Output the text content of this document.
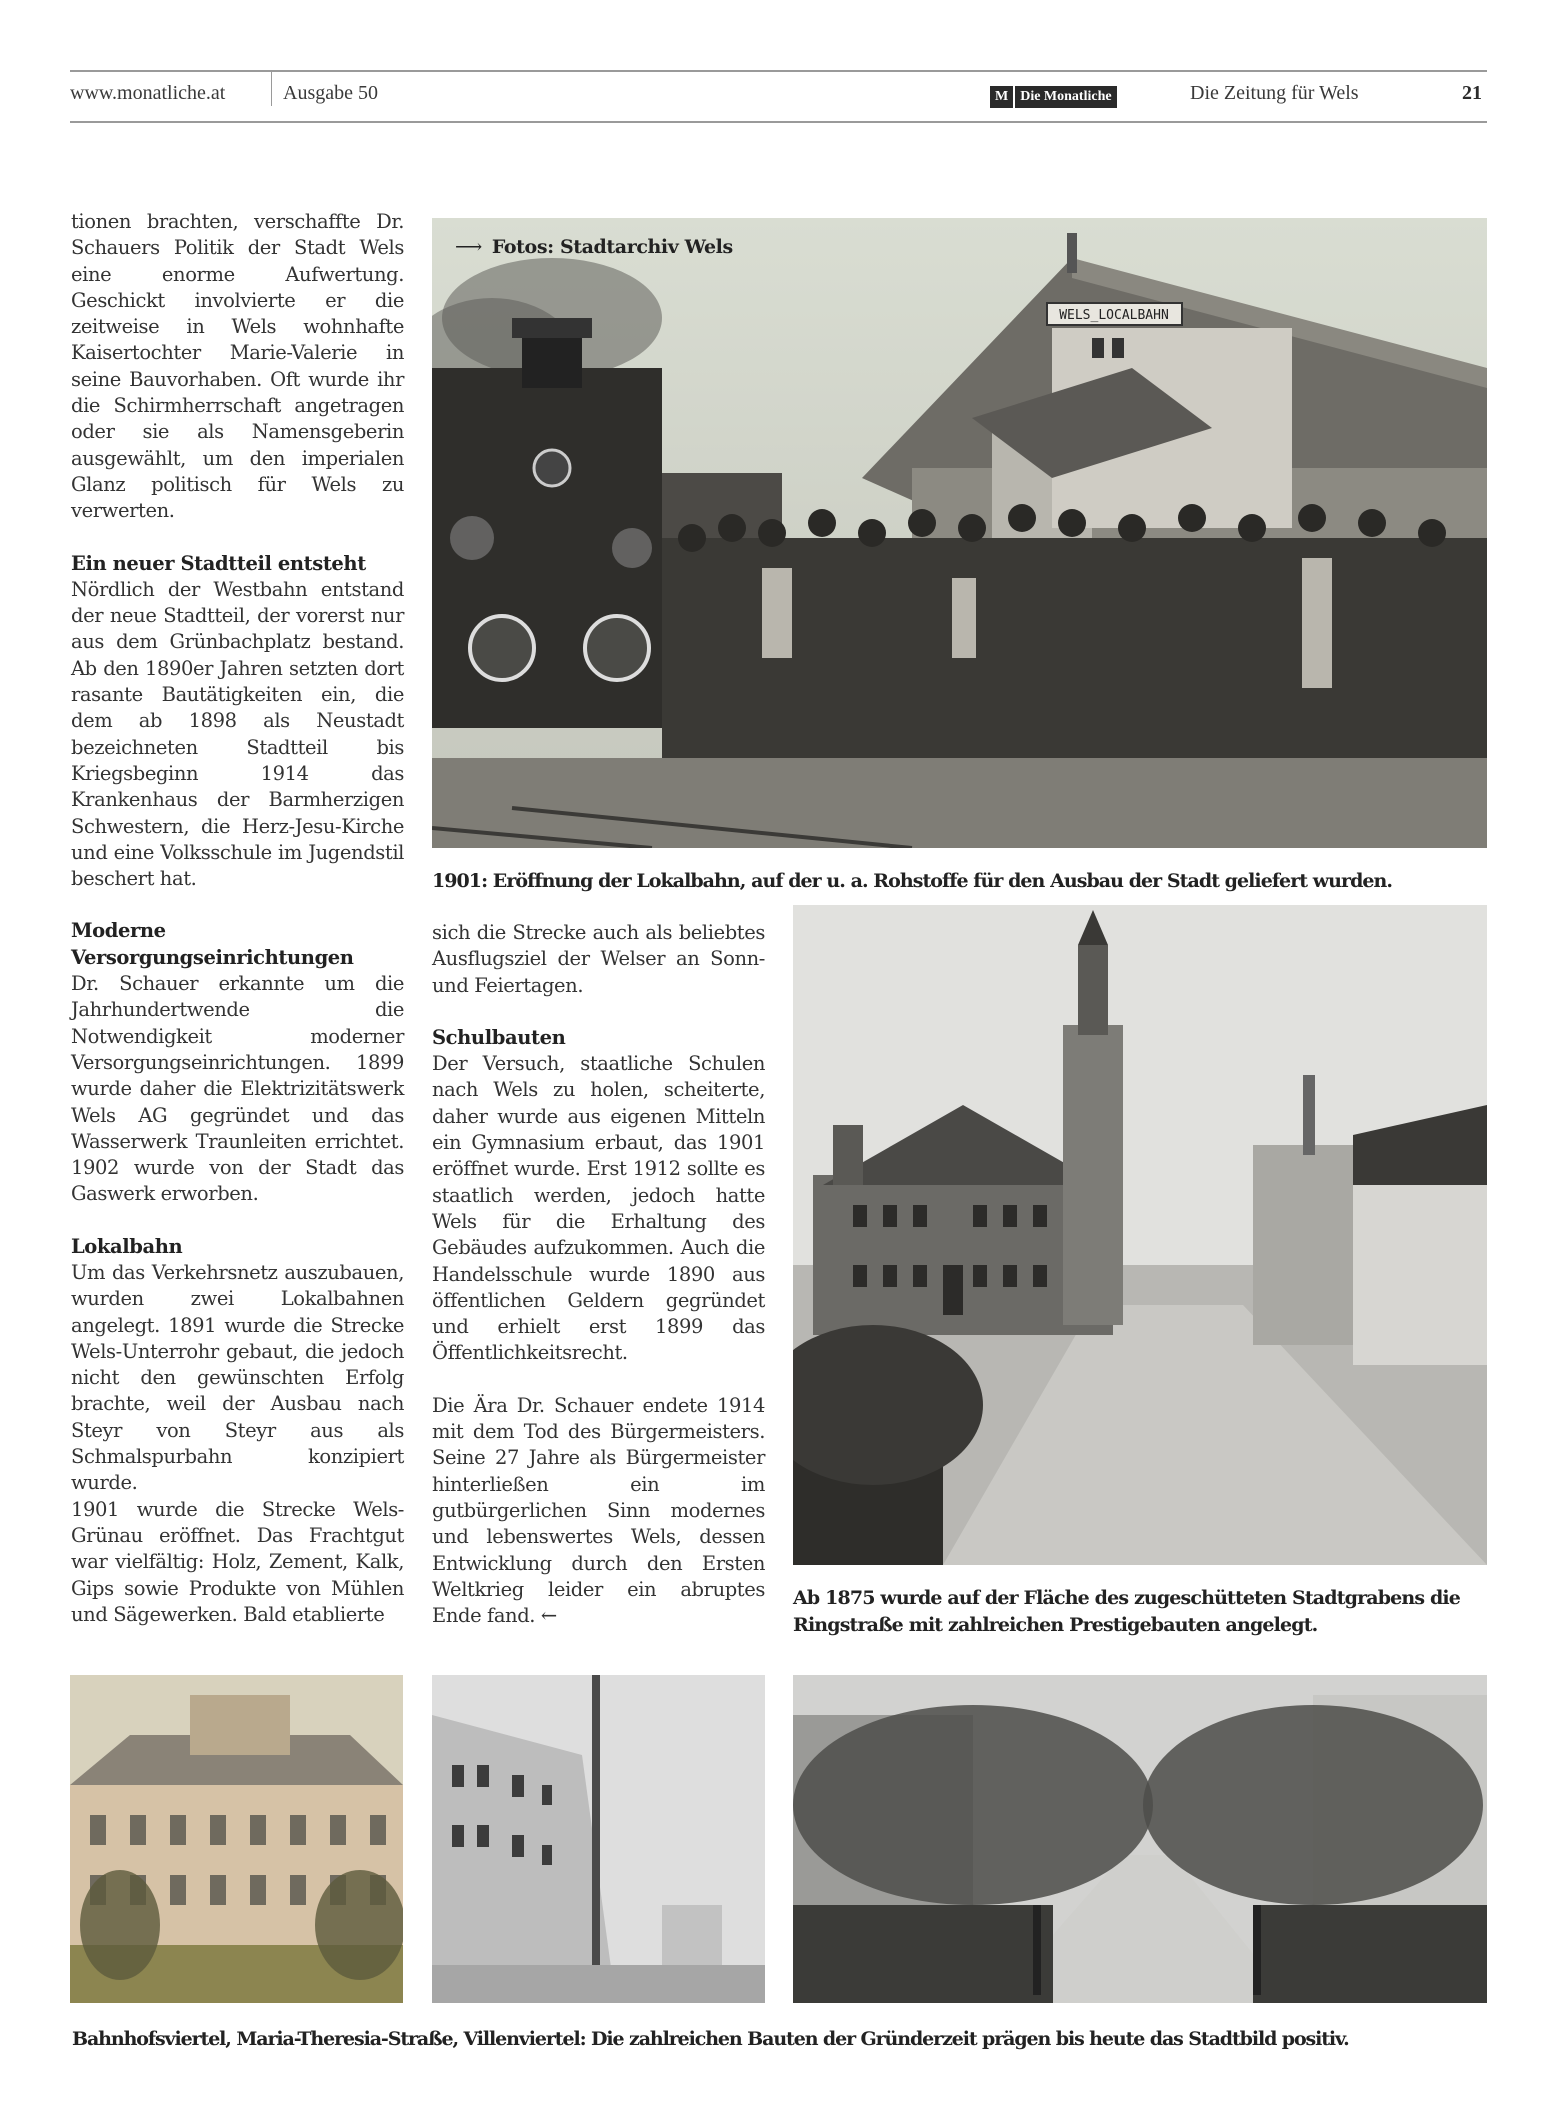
www.monatliche.at	Ausgabe 50	M Die Monatliche	Die Zeitung für Wels	21

tionen brachten, verschaffte Dr. Schauers Politik der Stadt Wels eine enorme Aufwertung. Geschickt involvierte er die zeitweise in Wels wohnhafte Kaisertochter Marie-Valerie in seine Bauvorhaben. Oft wurde ihr die Schirmherrschaft angetragen oder sie als Namensgeberin ausgewählt, um den imperialen Glanz politisch für Wels zu verwerten.

Ein neuer Stadtteil entsteht

Nördlich der Westbahn entstand der neue Stadtteil, der vorerst nur aus dem Grünbachplatz bestand. Ab den 1890er Jahren setzten dort rasante Bautätigkeiten ein, die dem ab 1898 als Neustadt bezeichneten Stadtteil bis Kriegsbeginn 1914 das Krankenhaus der Barmherzigen Schwestern, die Herz-Jesu-Kirche und eine Volksschule im Jugendstil beschert hat.

Moderne Versorgungseinrichtungen

Dr. Schauer erkannte um die Jahrhundertwende die Notwendigkeit moderner Versorgungseinrichtungen. 1899 wurde daher die Elektrizitätswerk Wels AG gegründet und das Wasserwerk Traunleiten errichtet. 1902 wurde von der Stadt das Gaswerk erworben.

Lokalbahn

Um das Verkehrsnetz auszubauen, wurden zwei Lokalbahnen angelegt. 1891 wurde die Strecke Wels-Unterrohr gebaut, die jedoch nicht den gewünschten Erfolg brachte, weil der Ausbau nach Steyr von Steyr aus als Schmalspurbahn konzipiert wurde.

1901 wurde die Strecke Wels-Grünau eröffnet. Das Frachtgut war vielfältig: Holz, Zement, Kalk, Gips sowie Produkte von Mühlen und Sägewerken. Bald etablierte

sich die Strecke auch als beliebtes Ausflugsziel der Welser an Sonn- und Feiertagen.

Schulbauten

Der Versuch, staatliche Schulen nach Wels zu holen, scheiterte, daher wurde aus eigenen Mitteln ein Gymnasium erbaut, das 1901 eröffnet wurde. Erst 1912 sollte es staatlich werden, jedoch hatte Wels für die Erhaltung des Gebäudes aufzukommen. Auch die Handelsschule wurde 1890 aus öffentlichen Geldern gegründet und erhielt erst 1899 das Öffentlichkeitsrecht.

Die Ära Dr. Schauer endete 1914 mit dem Tod des Bürgermeisters. Seine 27 Jahre als Bürgermeister hinterließen ein im gutbürgerlichen Sinn modernes und lebenswertes Wels, dessen Entwicklung durch den Ersten Weltkrieg leider ein abruptes Ende fand. ←

WELS_LOCALBAHN
⟶ Fotos: Stadtarchiv Wels
1901: Eröffnung der Lokalbahn, auf der u. a. Rohstoffe für den Ausbau der Stadt geliefert wurden.
Ab 1875 wurde auf der Fläche des zugeschütteten Stadtgrabens die Ringstraße mit zahlreichen Prestigebauten angelegt.
Bahnhofsviertel, Maria-Theresia-Straße, Villenviertel: Die zahlreichen Bauten der Gründerzeit prägen bis heute das Stadtbild positiv.
